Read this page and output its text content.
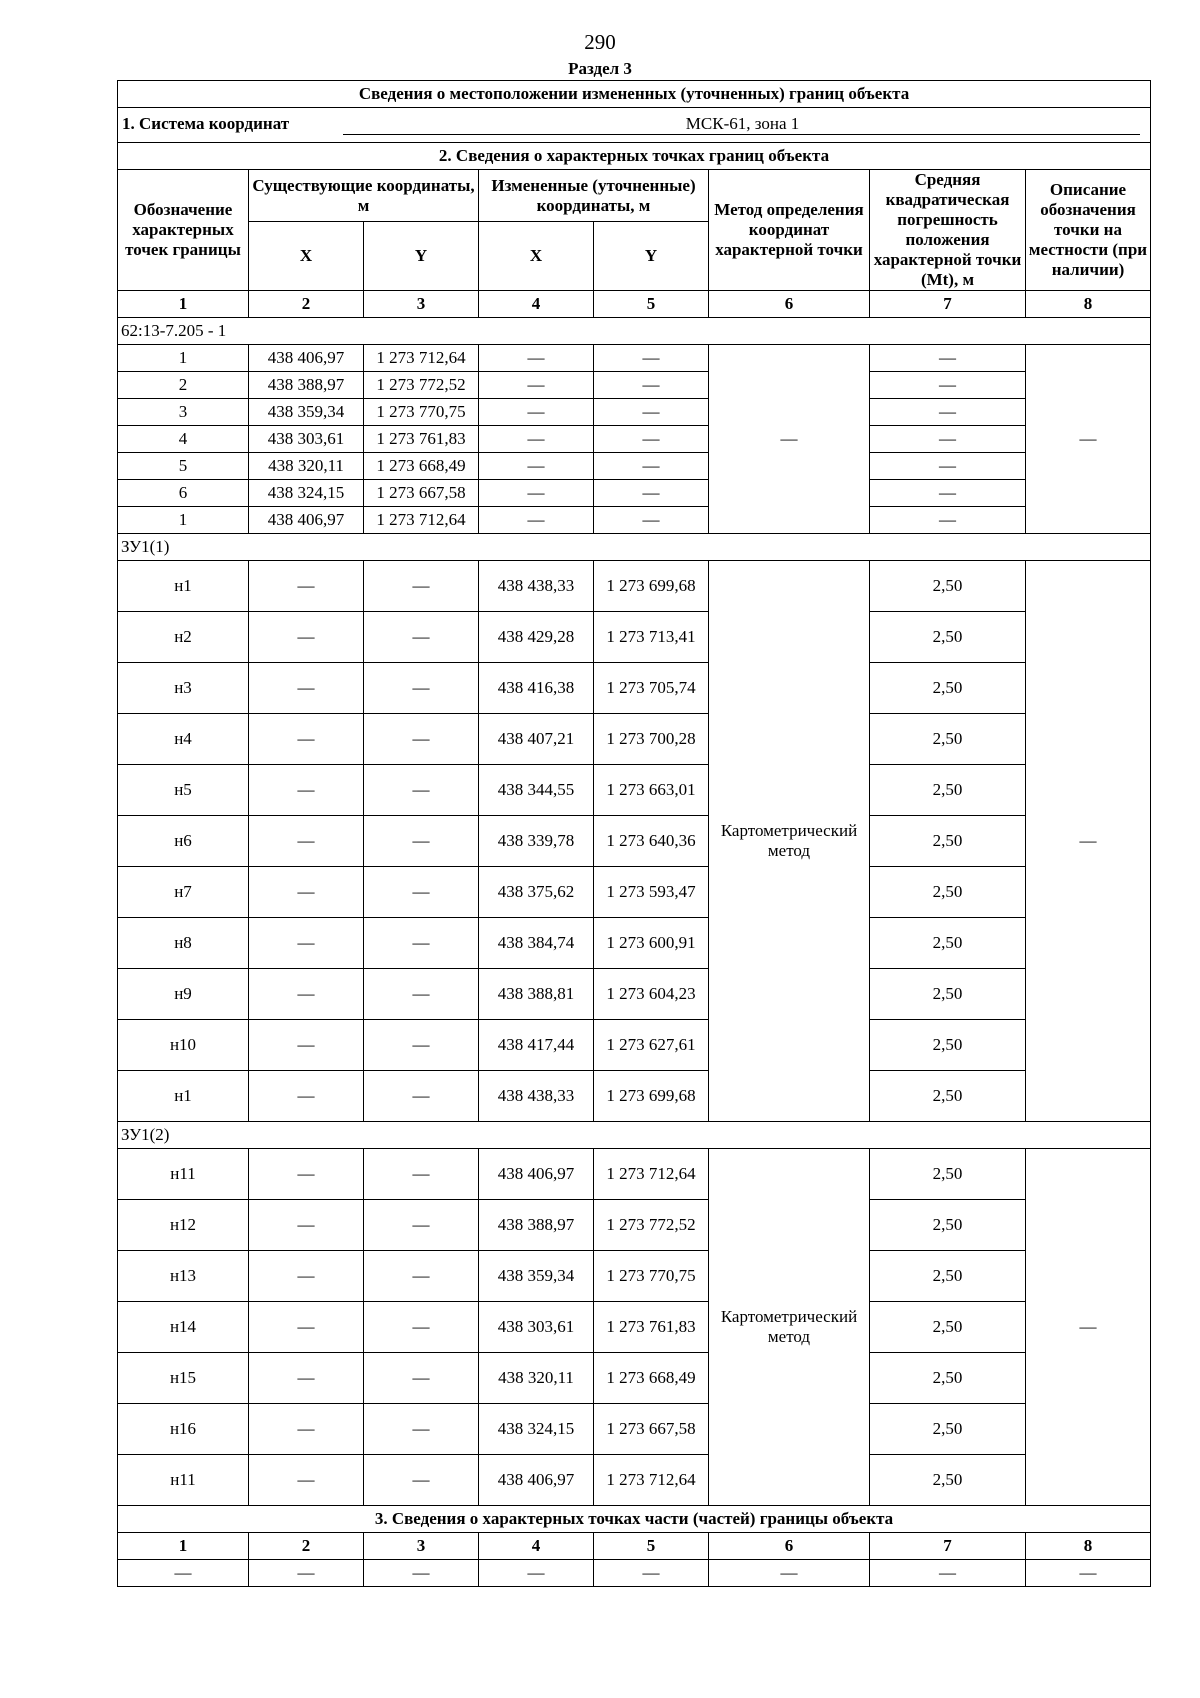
290
Раздел 3
Сведения о местоположении измененных (уточненных) границ объекта							

1. Система координат МСК-61, зона 1							

2. Сведения о характерных точках границ объекта							
Обозначение характерных точек границы	Существующие координаты, м		Измененные (уточненные) координаты, м		Метод определения координат характерной точки	Средняя квадратическая погрешность положения характерной точки (Mt), м	Описание обозначения точки на местности (при наличии)
	X	Y	X	Y			
1	2	3	4	5	6	7	8
62:13-7.205 - 1							
1	438 406,97	1 273 712,64	—	—	—	—	—
2	438 388,97	1 273 772,52	—	—		—	
3	438 359,34	1 273 770,75	—	—		—	
4	438 303,61	1 273 761,83	—	—		—	
5	438 320,11	1 273 668,49	—	—		—	
6	438 324,15	1 273 667,58	—	—		—	
1	438 406,97	1 273 712,64	—	—		—	
ЗУ1(1)							
н1	—	—	438 438,33	1 273 699,68	Картометрический метод	2,50	—
н2	—	—	438 429,28	1 273 713,41		2,50	
н3	—	—	438 416,38	1 273 705,74		2,50	
н4	—	—	438 407,21	1 273 700,28		2,50	
н5	—	—	438 344,55	1 273 663,01		2,50	
н6	—	—	438 339,78	1 273 640,36		2,50	
н7	—	—	438 375,62	1 273 593,47		2,50	
н8	—	—	438 384,74	1 273 600,91		2,50	
н9	—	—	438 388,81	1 273 604,23		2,50	
н10	—	—	438 417,44	1 273 627,61		2,50	
н1	—	—	438 438,33	1 273 699,68		2,50	
ЗУ1(2)							
н11	—	—	438 406,97	1 273 712,64	Картометрический метод	2,50	—
н12	—	—	438 388,97	1 273 772,52		2,50	
н13	—	—	438 359,34	1 273 770,75		2,50	
н14	—	—	438 303,61	1 273 761,83		2,50	
н15	—	—	438 320,11	1 273 668,49		2,50	
н16	—	—	438 324,15	1 273 667,58		2,50	
н11	—	—	438 406,97	1 273 712,64		2,50	
3. Сведения о характерных точках части (частей) границы объекта							
1	2	3	4	5	6	7	8
—	—	—	—	—	—	—	—
